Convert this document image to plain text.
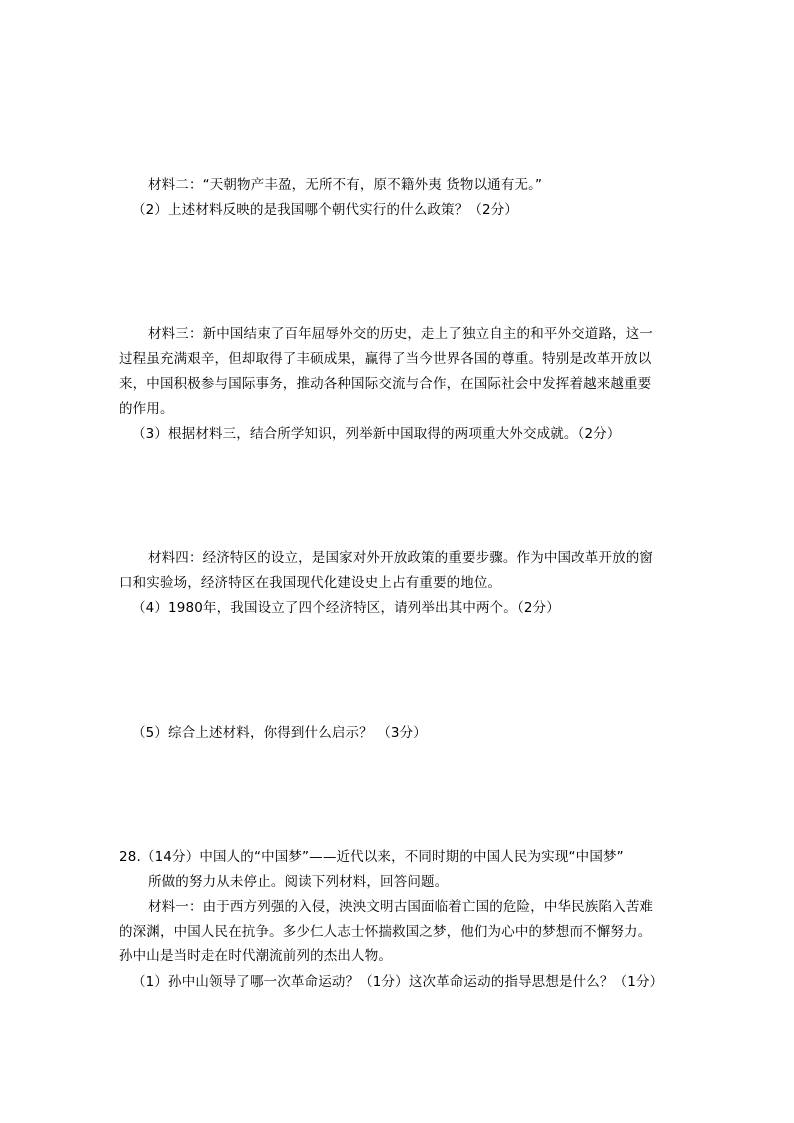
材料二：“天朝物产丰盈，无所不有，原不籍外夷 货物以通有无。”
（2）上述材料反映的是我国哪个朝代实行的什么政策？（2分）
材料三：新中国结束了百年屈辱外交的历史，走上了独立自主的和平外交道路，这一
过程虽充满艰辛，但却取得了丰硕成果，赢得了当今世界各国的尊重。特别是改革开放以
来，中国积极参与国际事务，推动各种国际交流与合作，在国际社会中发挥着越来越重要
的作用。
（3）根据材料三，结合所学知识，列举新中国取得的两项重大外交成就。（2分）
材料四：经济特区的设立，是国家对外开放政策的重要步骤。作为中国改革开放的窗
口和实验场，经济特区在我国现代化建设史上占有重要的地位。
（4）1980年，我国设立了四个经济特区，请列举出其中两个。（2分）
（5）综合上述材料，你得到什么启示？ （3分）
28.（14分）中国人的“中国梦”——近代以来，不同时期的中国人民为实现“中国梦”
所做的努力从未停止。阅读下列材料，回答问题。
材料一：由于西方列强的入侵，泱泱文明古国面临着亡国的危险，中华民族陷入苦难
的深渊，中国人民在抗争。多少仁人志士怀揣救国之梦，他们为心中的梦想而不懈努力。
孙中山是当时走在时代潮流前列的杰出人物。
（1）孙中山领导了哪一次革命运动？（1分）这次革命运动的指导思想是什么？（1分）
